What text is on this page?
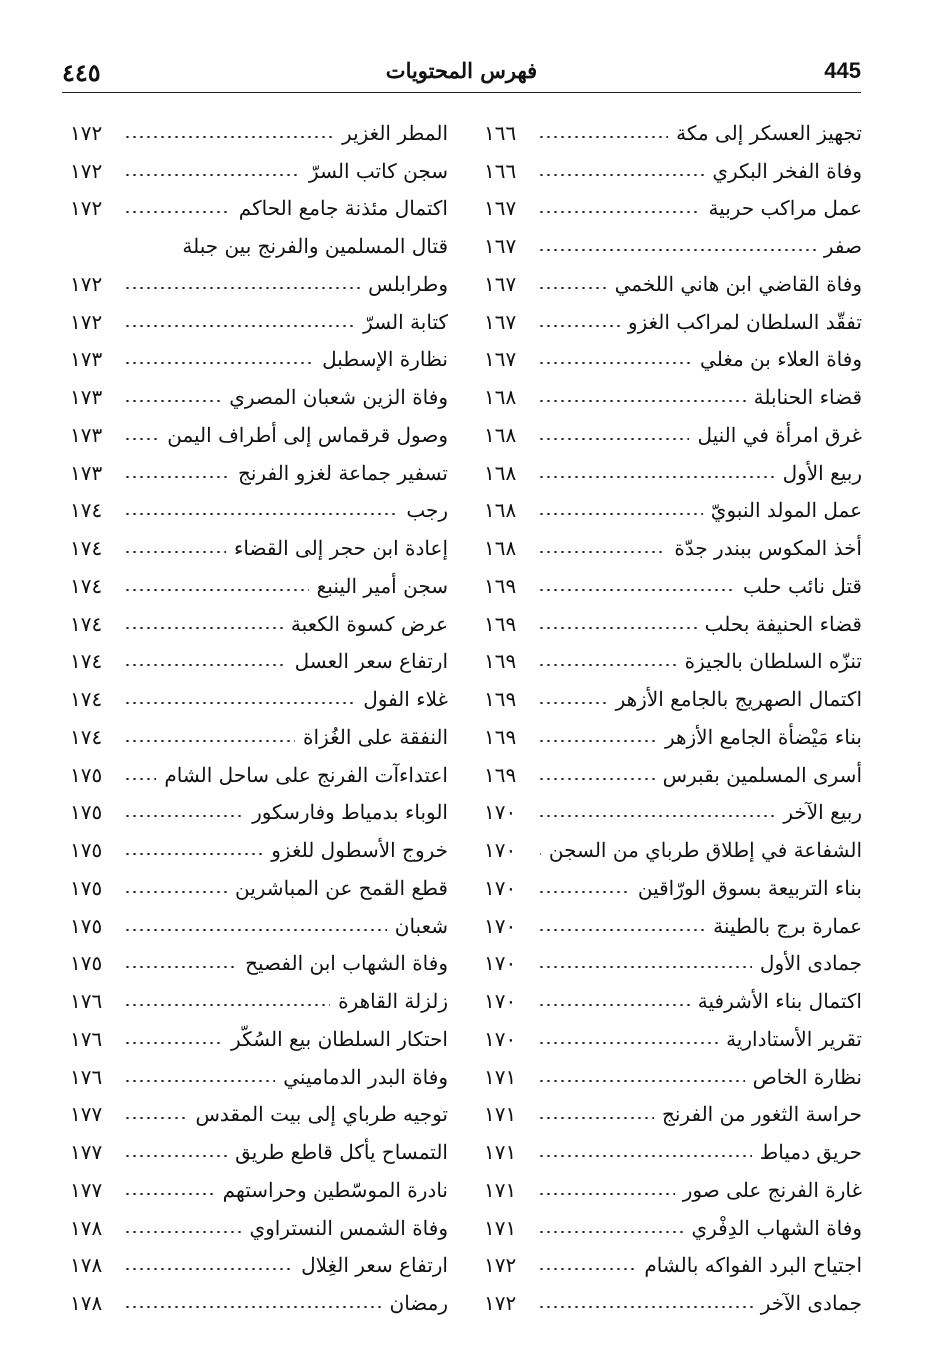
٤٤٥	فهرس المحتويات	445
تجهيز العسكر إلى مكة
١٦٦
وفاة الفخر البكري
١٦٦
عمل مراكب حربية
١٦٧
صفر
١٦٧
وفاة القاضي ابن هاني اللخمي
١٦٧
تفقّد السلطان لمراكب الغزو
١٦٧
وفاة العلاء بن مغلي
١٦٧
قضاء الحنابلة
١٦٨
غرق امرأة في النيل
١٦٨
ربيع الأول
١٦٨
عمل المولد النبويّ
١٦٨
أخذ المكوس ببندر جدّة
١٦٨
قتل نائب حلب
١٦٩
قضاء الحنيفة بحلب
١٦٩
تنزّه السلطان بالجيزة
١٦٩
اكتمال الصهريج بالجامع الأزهر
١٦٩
بناء مَيْضأة الجامع الأزهر
١٦٩
أسرى المسلمين بقبرس
١٦٩
ربيع الآخر
١٧٠
الشفاعة في إطلاق طرباي من السجن
١٧٠
بناء التربيعة بسوق الورّاقين
١٧٠
عمارة برج بالطينة
١٧٠
جمادى الأول
١٧٠
اكتمال بناء الأشرفية
١٧٠
تقرير الأستادارية
١٧٠
نظارة الخاص
١٧١
حراسة الثغور من الفرنج
١٧١
حريق دمياط
١٧١
غارة الفرنج على صور
١٧١
وفاة الشهاب الدِفْري
١٧١
اجتياح البرد الفواكه بالشام
١٧٢
جمادى الآخر
١٧٢
المطر الغزير
١٧٢
سجن كاتب السرّ
١٧٢
اكتمال مئذنة جامع الحاكم
١٧٢
قتال المسلمين والفرنج بين جبلة
وطرابلس
١٧٢
كتابة السرّ
١٧٢
نظارة الإسطبل
١٧٣
وفاة الزين شعبان المصري
١٧٣
وصول قرقماس إلى أطراف اليمن
١٧٣
تسفير جماعة لغزو الفرنج
١٧٣
رجب
١٧٤
إعادة ابن حجر إلى القضاء
١٧٤
سجن أمير الينبع
١٧٤
عرض كسوة الكعبة
١٧٤
ارتفاع سعر العسل
١٧٤
غلاء الفول
١٧٤
النفقة على الغُزاة
١٧٤
اعتداءآت الفرنج على ساحل الشام
١٧٥
الوباء بدمياط وفارسكور
١٧٥
خروج الأسطول للغزو
١٧٥
قطع القمح عن المباشرين
١٧٥
شعبان
١٧٥
وفاة الشهاب ابن الفصيح
١٧٥
زلزلة القاهرة
١٧٦
احتكار السلطان بيع السُكّر
١٧٦
وفاة البدر الدماميني
١٧٦
توجيه طرباي إلى بيت المقدس
١٧٧
التمساح يأكل قاطع طريق
١٧٧
نادرة الموسّطين وحراستهم
١٧٧
وفاة الشمس النستراوي
١٧٨
ارتفاع سعر الغِلال
١٧٨
رمضان
١٧٨
